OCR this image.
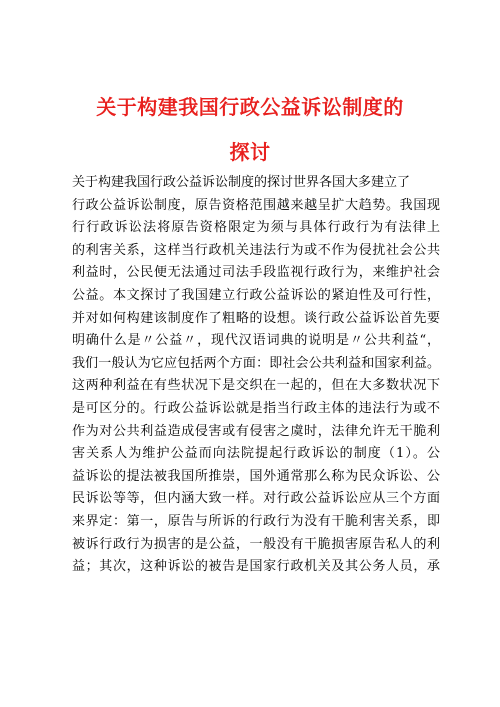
关于构建我国行政公益诉讼制度的
探讨
关于构建我国行政公益诉讼制度的探讨世界各国大多建立了
行政公益诉讼制度，原告资格范围越来越呈扩大趋势。我国现
行行政诉讼法将原告资格限定为须与具体行政行为有法律上
的利害关系，这样当行政机关违法行为或不作为侵扰社会公共
利益时，公民便无法通过司法手段监视行政行为，来维护社会
公益。本文探讨了我国建立行政公益诉讼的紧迫性及可行性，
并对如何构建该制度作了粗略的设想。谈行政公益诉讼首先要
明确什么是〃公益〃，现代汉语词典的说明是〃公共利益“，
我们一般认为它应包括两个方面：即社会公共利益和国家利益。
这两种利益在有些状况下是交织在一起的，但在大多数状况下
是可区分的。行政公益诉讼就是指当行政主体的违法行为或不
作为对公共利益造成侵害或有侵害之虞时，法律允许无干脆利
害关系人为维护公益而向法院提起行政诉讼的制度（1）。公
益诉讼的提法被我国所推崇，国外通常那么称为民众诉讼、公
民诉讼等等，但内涵大致一样。对行政公益诉讼应从三个方面
来界定：第一，原告与所诉的行政行为没有干脆利害关系，即
被诉行政行为损害的是公益，一般没有干脆损害原告私人的利
益；其次，这种诉讼的被告是国家行政机关及其公务人员，承
